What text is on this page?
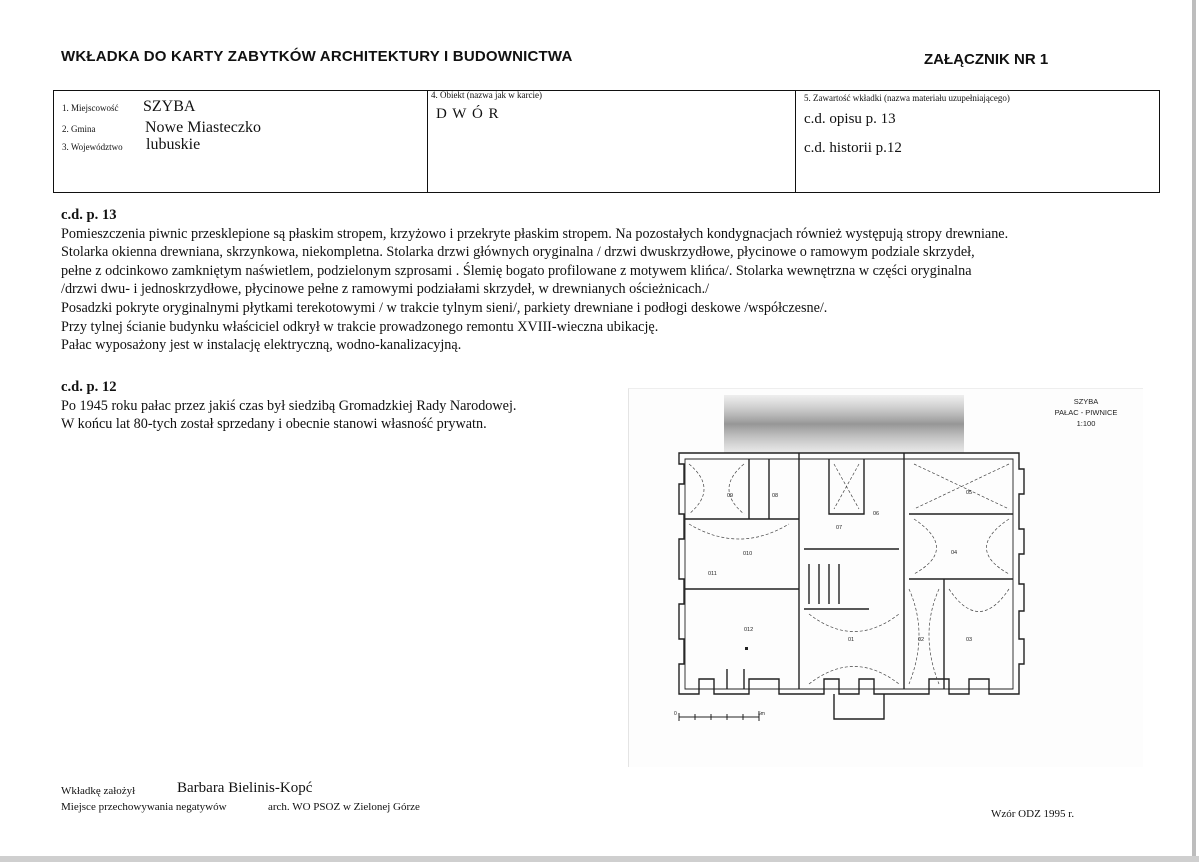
WKŁADKA DO KARTY ZABYTKÓW ARCHITEKTURY I BUDOWNICTWA	ZAŁĄCZNIK NR 1
1. Miejscowość SZYBA
2. Gmina	Nowe Miasteczko
3. Województwo lubuskie
4. Obiekt (nazwa jak w karcie)
D W Ó R
5. Zawartość wkładki (nazwa materiału uzupełniającego)
c.d. opisu p. 13
c.d. historii p.12

c.d. p. 13

Pomieszczenia piwnic przesklepione są płaskim stropem, krzyżowo i przekryte płaskim stropem. Na pozostałych kondygnacjach również występują stropy drewniane.

Stolarka okienna drewniana, skrzynkowa, niekompletna. Stolarka drzwi głównych oryginalna / drzwi dwuskrzydłowe, płycinowe o ramowym podziale skrzydeł,

pełne z odcinkowo zamkniętym naświetlem, podzielonym szprosami . Ślemię bogato profilowane z motywem klińca/. Stolarka wewnętrzna w części oryginalna

/drzwi dwu- i jednoskrzydłowe, płycinowe pełne z ramowymi podziałami skrzydeł, w drewnianych ościeżnicach./

Posadzki pokryte oryginalnymi płytkami terekotowymi / w trakcie tylnym sieni/, parkiety drewniane i podłogi deskowe /współczesne/.

Przy tylnej ścianie budynku właściciel odkrył w trakcie prowadzonego remontu XVIII-wieczna ubikację.

Pałac wyposażony jest w instalację elektryczną, wodno-kanalizacyjną.

c.d. p. 12

Po 1945 roku pałac przez jakiś czas był siedzibą Gromadzkiej Rady Narodowej.

W końcu lat 80-tych został sprzedany i obecnie stanowi własność prywatn.

09	08
07
06
05
04
010
011
012
01	02	03
0	5m
SZYBA
PAŁAC - PIWNICE
1:100
Wkładkę założył	Barbara Bielinis-Kopć
Miejsce przechowywania negatywów	arch. WO PSOZ w Zielonej Górze
Wzór ODZ 1995 r.
